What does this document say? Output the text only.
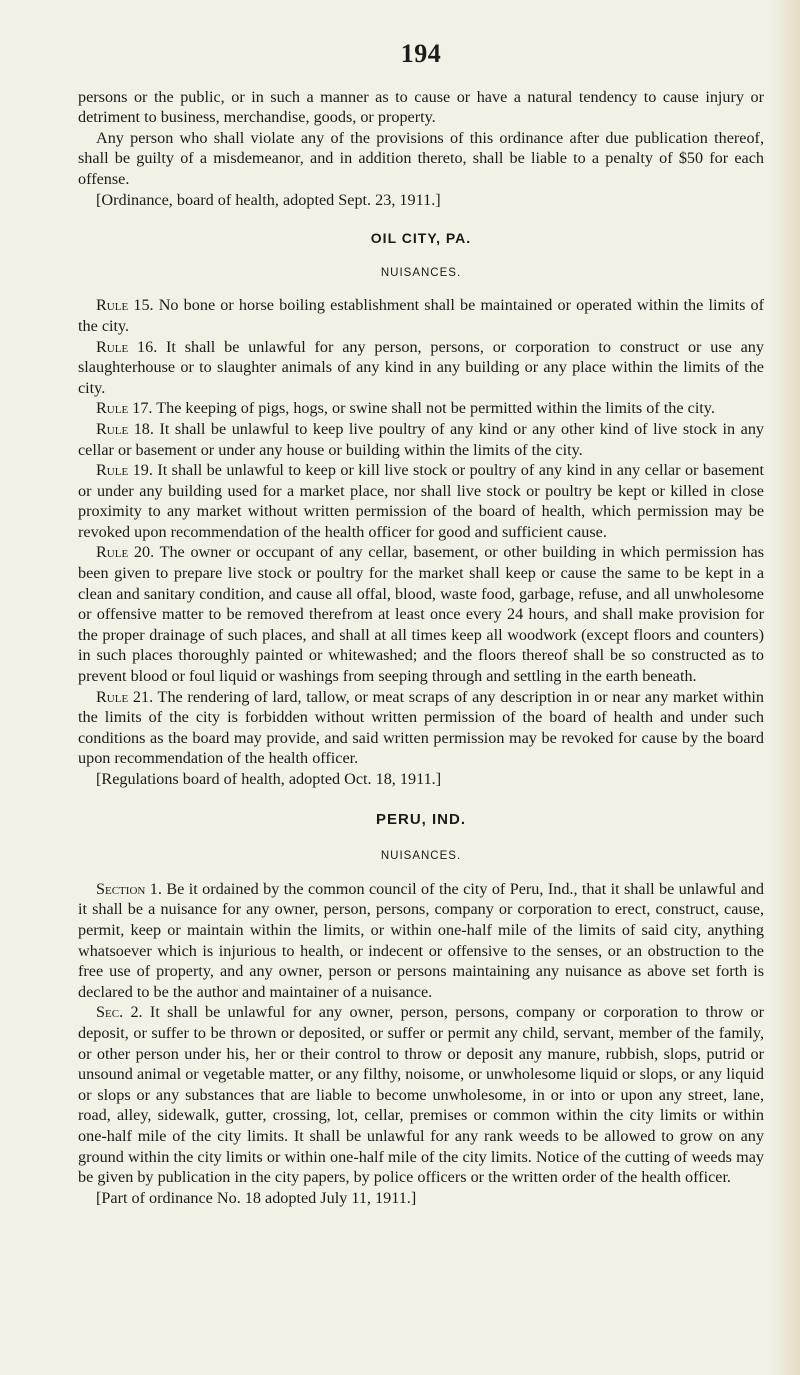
194

persons or the public, or in such a manner as to cause or have a natural tendency to cause injury or detriment to business, merchandise, goods, or property.

Any person who shall violate any of the provisions of this ordinance after due publication thereof, shall be guilty of a misdemeanor, and in addition thereto, shall be liable to a penalty of $50 for each offense.

[Ordinance, board of health, adopted Sept. 23, 1911.]

OIL CITY, PA.
NUISANCES.

Rule 15. No bone or horse boiling establishment shall be maintained or operated within the limits of the city.

Rule 16. It shall be unlawful for any person, persons, or corporation to construct or use any slaughterhouse or to slaughter animals of any kind in any building or any place within the limits of the city.

Rule 17. The keeping of pigs, hogs, or swine shall not be permitted within the limits of the city.

Rule 18. It shall be unlawful to keep live poultry of any kind or any other kind of live stock in any cellar or basement or under any house or building within the limits of the city.

Rule 19. It shall be unlawful to keep or kill live stock or poultry of any kind in any cellar or basement or under any building used for a market place, nor shall live stock or poultry be kept or killed in close proximity to any market without written permission of the board of health, which permission may be revoked upon recommendation of the health officer for good and sufficient cause.

Rule 20. The owner or occupant of any cellar, basement, or other building in which permission has been given to prepare live stock or poultry for the market shall keep or cause the same to be kept in a clean and sanitary condition, and cause all offal, blood, waste food, garbage, refuse, and all unwholesome or offensive matter to be removed therefrom at least once every 24 hours, and shall make provision for the proper drainage of such places, and shall at all times keep all woodwork (except floors and counters) in such places thoroughly painted or whitewashed; and the floors thereof shall be so constructed as to prevent blood or foul liquid or washings from seeping through and settling in the earth beneath.

Rule 21. The rendering of lard, tallow, or meat scraps of any description in or near any market within the limits of the city is forbidden without written permission of the board of health and under such conditions as the board may provide, and said written permission may be revoked for cause by the board upon recommendation of the health officer.

[Regulations board of health, adopted Oct. 18, 1911.]

PERU, IND.
NUISANCES.

Section 1. Be it ordained by the common council of the city of Peru, Ind., that it shall be unlawful and it shall be a nuisance for any owner, person, persons, company or corporation to erect, construct, cause, permit, keep or maintain within the limits, or within one-half mile of the limits of said city, anything whatsoever which is injurious to health, or indecent or offensive to the senses, or an obstruction to the free use of property, and any owner, person or persons maintaining any nuisance as above set forth is declared to be the author and maintainer of a nuisance.

Sec. 2. It shall be unlawful for any owner, person, persons, company or corporation to throw or deposit, or suffer to be thrown or deposited, or suffer or permit any child, servant, member of the family, or other person under his, her or their control to throw or deposit any manure, rubbish, slops, putrid or unsound animal or vegetable matter, or any filthy, noisome, or unwholesome liquid or slops, or any liquid or slops or any substances that are liable to become unwholesome, in or into or upon any street, lane, road, alley, sidewalk, gutter, crossing, lot, cellar, premises or common within the city limits or within one-half mile of the city limits. It shall be unlawful for any rank weeds to be allowed to grow on any ground within the city limits or within one-half mile of the city limits. Notice of the cutting of weeds may be given by publication in the city papers, by police officers or the written order of the health officer.

[Part of ordinance No. 18 adopted July 11, 1911.]
